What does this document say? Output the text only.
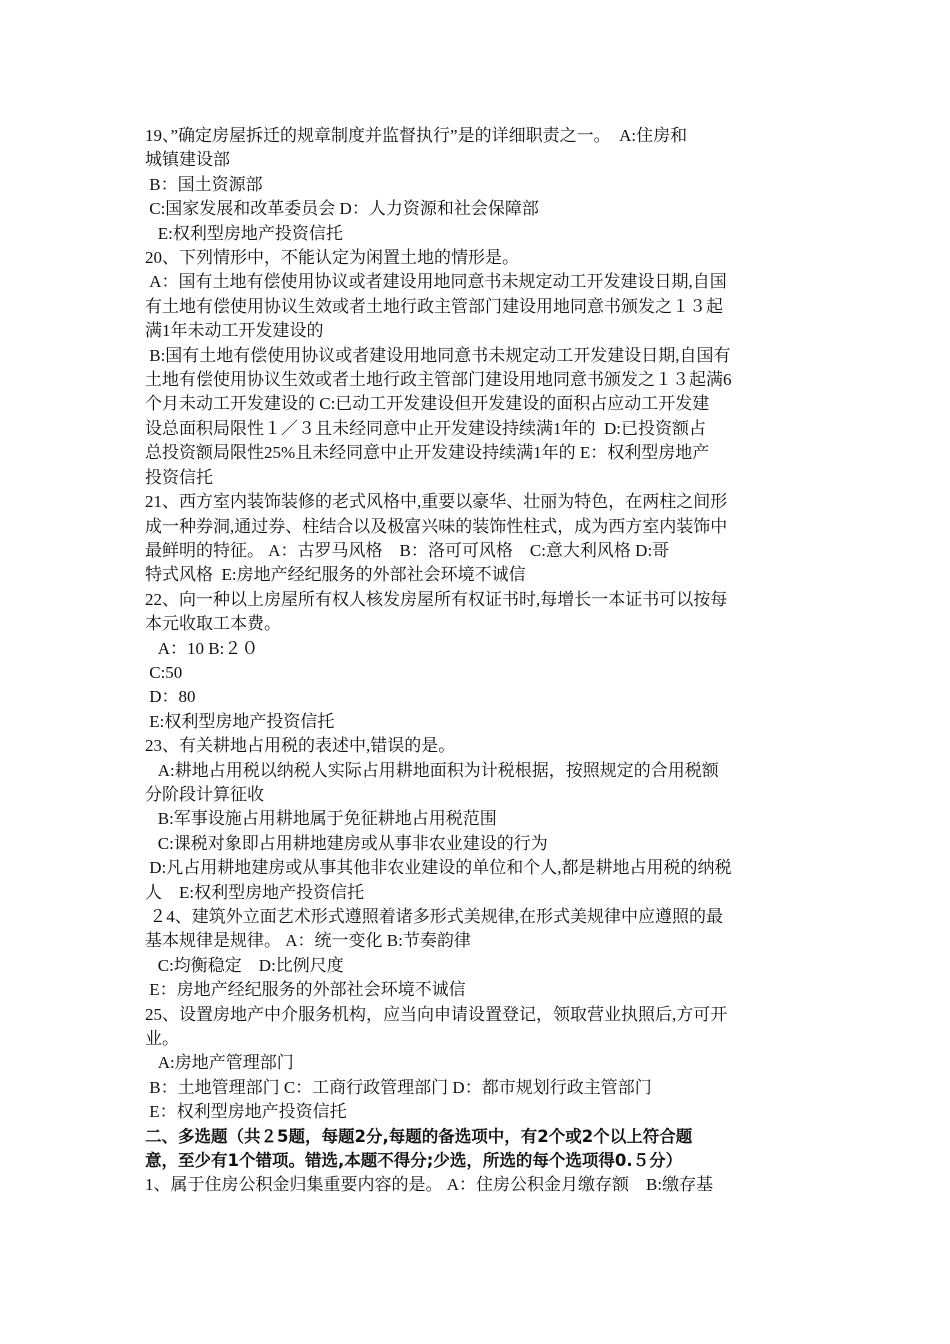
19、”确定房屋拆迁的规章制度并监督执行”是的详细职责之一。﻿  A:住房和
城镇建设部
B：国土资源部
C:国家发展和改革委员会 D：人力资源和社会保障部
E:权利型房地产投资信托
20、下列情形中，不能认定为闲置土地的情形是。
A：国有土地有偿使用协议或者建设用地同意书未规定动工开发建设日期,自国
有土地有偿使用协议生效或者土地行政主管部门建设用地同意书颁发之１３起
满1年未动工开发建设的
B:国有土地有偿使用协议或者建设用地同意书未规定动工开发建设日期,自国有
土地有偿使用协议生效或者土地行政主管部门建设用地同意书颁发之１３起满6
个月未动工开发建设的 C:已动工开发建设但开发建设的面积占应动工开发建
设总面积局限性１／３且未经同意中止开发建设持续满1年的  D:已投资额占
总投资额局限性25%且未经同意中止开发建设持续满1年的 E：权利型房地产
投资信托
21、西方室内装饰装修的老式风格中,重要以豪华、壮丽为特色，在两柱之间形
成一种券洞,通过券、柱结合以及极富兴味的装饰性柱式，成为西方室内装饰中
最鲜明的特征。 A：古罗马风格    B：洛可可风格    C:意大利风格 D:哥
特式风格  E:房地产经纪服务的外部社会环境不诚信
22、向一种以上房屋所有权人核发房屋所有权证书时,每增长一本证书可以按每
本元收取工本费。
A：10 B:２０
C:50
D：80
E:权利型房地产投资信托
23、有关耕地占用税的表述中,错误的是。
A:耕地占用税以纳税人实际占用耕地面积为计税根据，按照规定的合用税额
分阶段计算征收
B:军事设施占用耕地属于免征耕地占用税范围
C:课税对象即占用耕地建房或从事非农业建设的行为
D:凡占用耕地建房或从事其他非农业建设的单位和个人,都是耕地占用税的纳税
人    E:权利型房地产投资信托
２4、建筑外立面艺术形式遵照着诸多形式美规律,在形式美规律中应遵照的最
基本规律是规律。 A：统一变化 B:节奏韵律
C:均衡稳定    D:比例尺度
E：房地产经纪服务的外部社会环境不诚信
25、设置房地产中介服务机构，应当向申请设置登记，领取营业执照后,方可开
业。
A:房地产管理部门
B：土地管理部门 C：工商行政管理部门 D：都市规划行政主管部门
E：权利型房地产投资信托
二、多选题（共２5题，每题2分,每题的备选项中，有2个或2个以上符合题
意，至少有1个错项。错选,本题不得分;少选，所选的每个选项得0.５分）
1、属于住房公积金归集重要内容的是。 A：住房公积金月缴存额    B:缴存基
